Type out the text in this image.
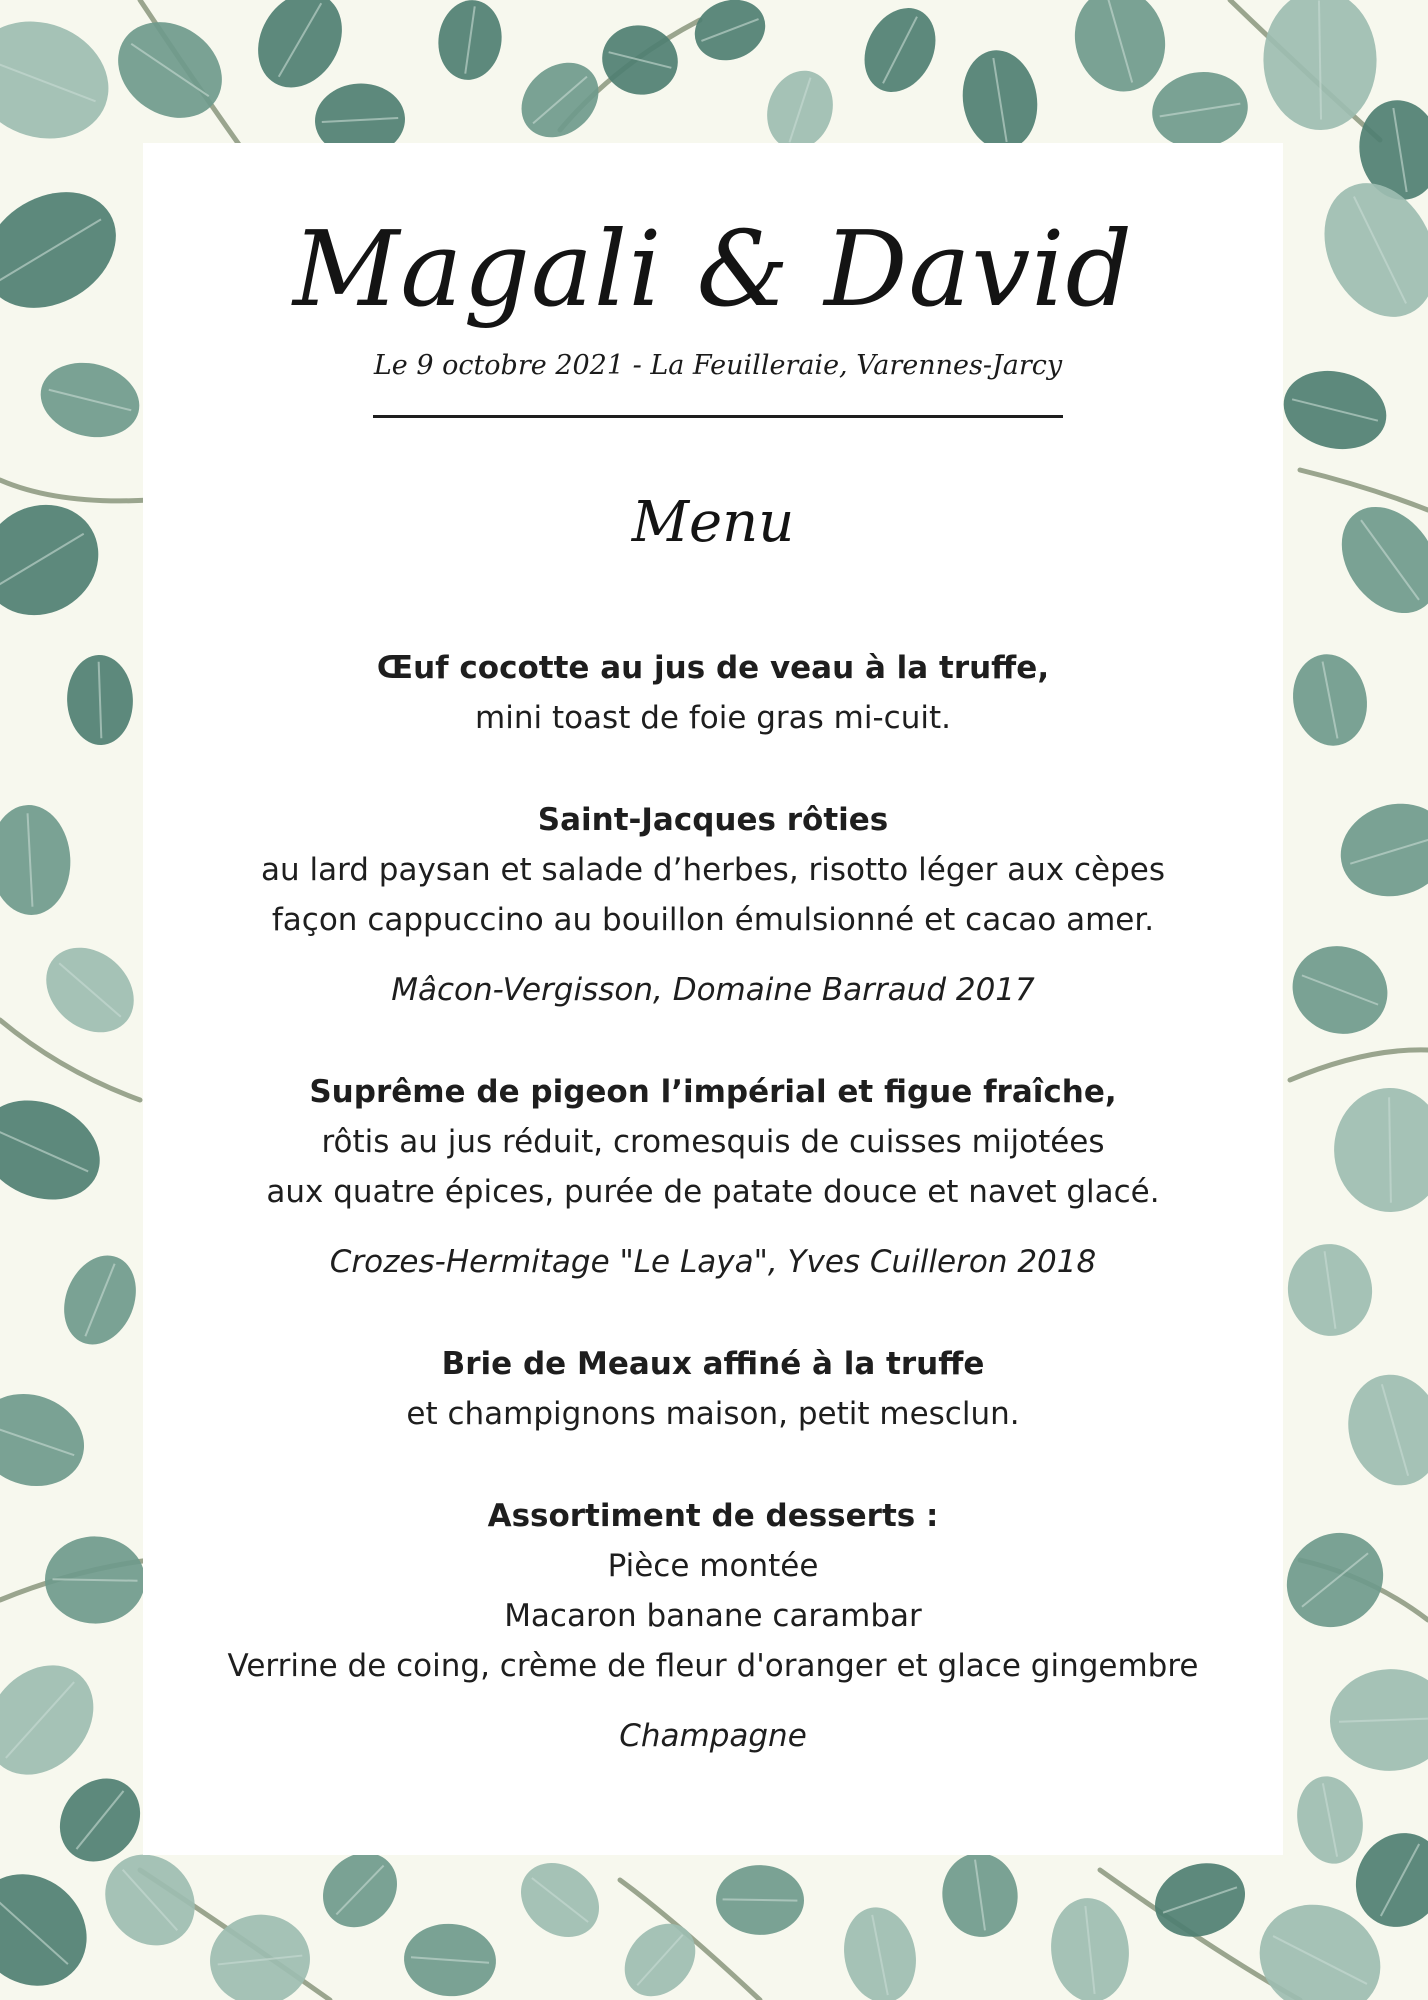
Magali & David
Le 9 octobre 2021 - La Feuilleraie, Varennes-Jarcy
Menu
Œuf cocotte au jus de veau à la truffe,
mini toast de foie gras mi-cuit.
Saint-Jacques rôties
au lard paysan et salade d’herbes, risotto léger aux cèpes
façon cappuccino au bouillon émulsionné et cacao amer.
Mâcon-Vergisson, Domaine Barraud 2017
Suprême de pigeon l’impérial et figue fraîche,
rôtis au jus réduit, cromesquis de cuisses mijotées
aux quatre épices, purée de patate douce et navet glacé.
Crozes-Hermitage "Le Laya", Yves Cuilleron 2018
Brie de Meaux affiné à la truffe
et champignons maison, petit mesclun.
Assortiment de desserts :
Pièce montée
Macaron banane carambar
Verrine de coing, crème de fleur d'oranger et glace gingembre
Champagne
